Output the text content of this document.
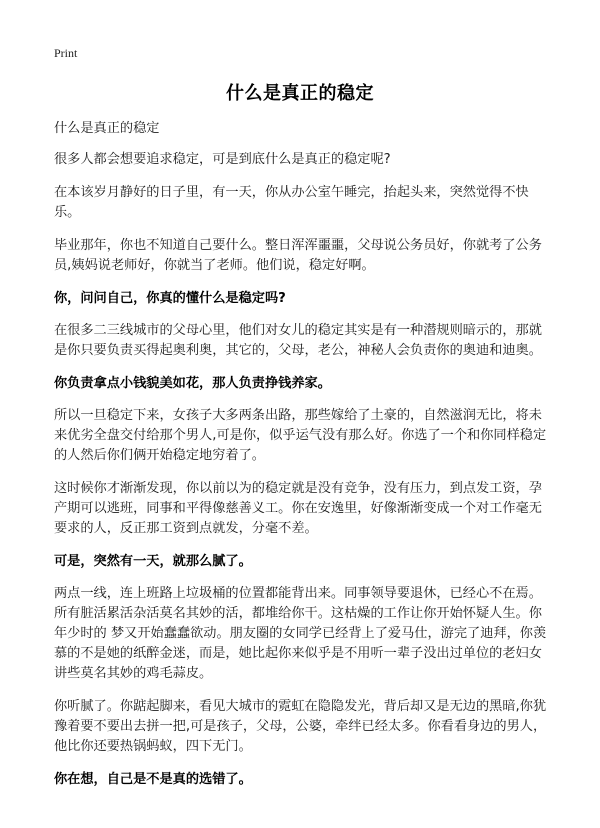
Print
什么是真正的稳定

什么是真正的稳定

很多人都会想要追求稳定，可是到底什么是真正的稳定呢?

在本该岁月静好的日子里，有一天，你从办公室午睡完，抬起头来，突然觉得不快乐。

毕业那年，你也不知道自己要什么。整日浑浑噩噩，父母说公务员好，你就考了公务员,姨妈说老师好，你就当了老师。他们说，稳定好啊。

你，问问自己，你真的懂什么是稳定吗?

在很多二三线城市的父母心里，他们对女儿的稳定其实是有一种潜规则暗示的，那就是你只要负责买得起奥利奥，其它的，父母，老公，神秘人会负责你的奥迪和迪奥。

你负责拿点小钱貌美如花，那人负责挣钱养家。

所以一旦稳定下来，女孩子大多两条出路，那些嫁给了土豪的，自然滋润无比，将未来优劣全盘交付给那个男人,可是你，似乎运气没有那么好。你选了一个和你同样稳定的人然后你们俩开始稳定地穷着了。

这时候你才渐渐发现，你以前以为的稳定就是没有竞争，没有压力，到点发工资，孕产期可以逃班，同事和平得像慈善义工。你在安逸里，好像渐渐变成一个对工作毫无要求的人，反正那工资到点就发，分毫不差。

可是，突然有一天，就那么腻了。

两点一线，连上班路上垃圾桶的位置都能背出来。同事领导要退休，已经心不在焉。所有脏活累活杂活莫名其妙的活，都堆给你干。这枯燥的工作让你开始怀疑人生。你年少时的 梦又开始蠢蠢欲动。朋友圈的女同学已经背上了爱马仕，游完了迪拜，你羡慕的不是她的纸醉金迷，而是，她比起你来似乎是不用听一辈子没出过单位的老妇女讲些莫名其妙的鸡毛蒜皮。

你听腻了。你踮起脚来，看见大城市的霓虹在隐隐发光，背后却又是无边的黑暗,你犹豫着要不要出去拼一把,可是孩子，父母，公婆，牵绊已经太多。你看看身边的男人，他比你还要热锅蚂蚁，四下无门。

你在想，自己是不是真的选错了。
